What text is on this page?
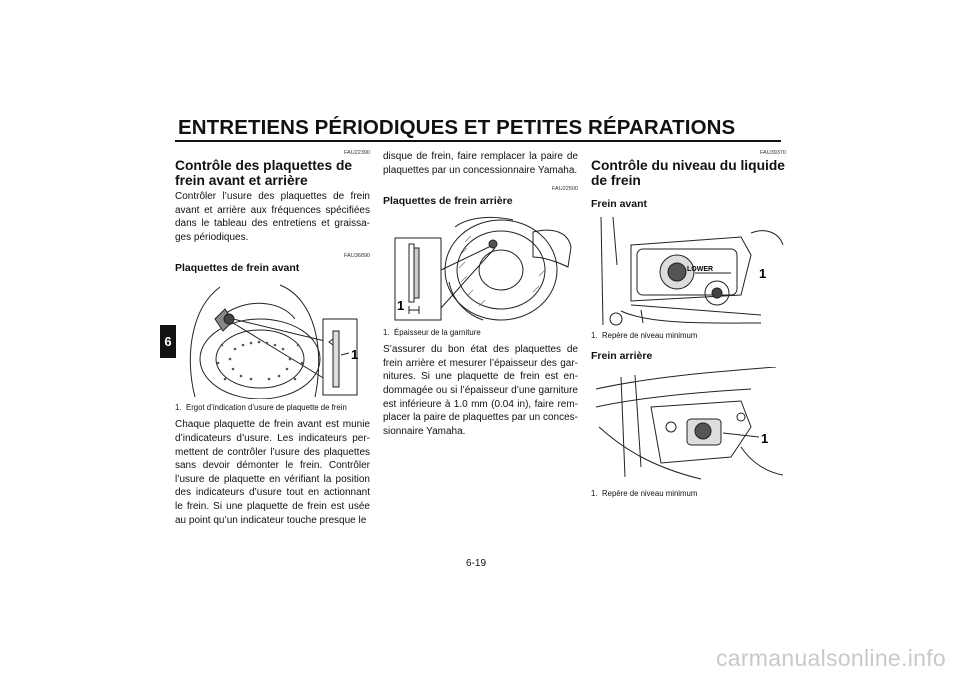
ENTRETIENS PÉRIODIQUES ET PETITES RÉPARATIONS
6
FAU22390
Contrôle des plaquettes de frein avant et arrière

Contrôler l’usure des plaquettes de frein avant et arrière aux fréquences spécifiées dans le tableau des entretiens et graissa-ges périodiques.

FAU36890
Plaquettes de frein avant
1
1. Ergot d’indication d’usure de plaquette de frein

Chaque plaquette de frein avant est munie d’indicateurs d’usure. Les indicateurs per-mettent de contrôler l’usure des plaquettes sans devoir démonter le frein. Contrôler l’usure de plaquette en vérifiant la position des indicateurs d’usure tout en actionnant le frein. Si une plaquette de frein est usée au point qu’un indicateur touche presque le

disque de frein, faire remplacer la paire de plaquettes par un concessionnaire Yamaha.

FAU22500
Plaquettes de frein arrière
1
1. Épaisseur de la garniture

S’assurer du bon état des plaquettes de frein arrière et mesurer l’épaisseur des gar-nitures. Si une plaquette de frein est en-dommagée ou si l’épaisseur d’une garniture est inférieure à 1.0 mm (0.04 in), faire rem-placer la paire de plaquettes par un conces-sionnaire Yamaha.

FAU39370
Contrôle du niveau du liquide de frein
Frein avant
LOWER	1
1. Repère de niveau minimum
Frein arrière
1
1. Repère de niveau minimum
6-19
carmanualsonline.info
